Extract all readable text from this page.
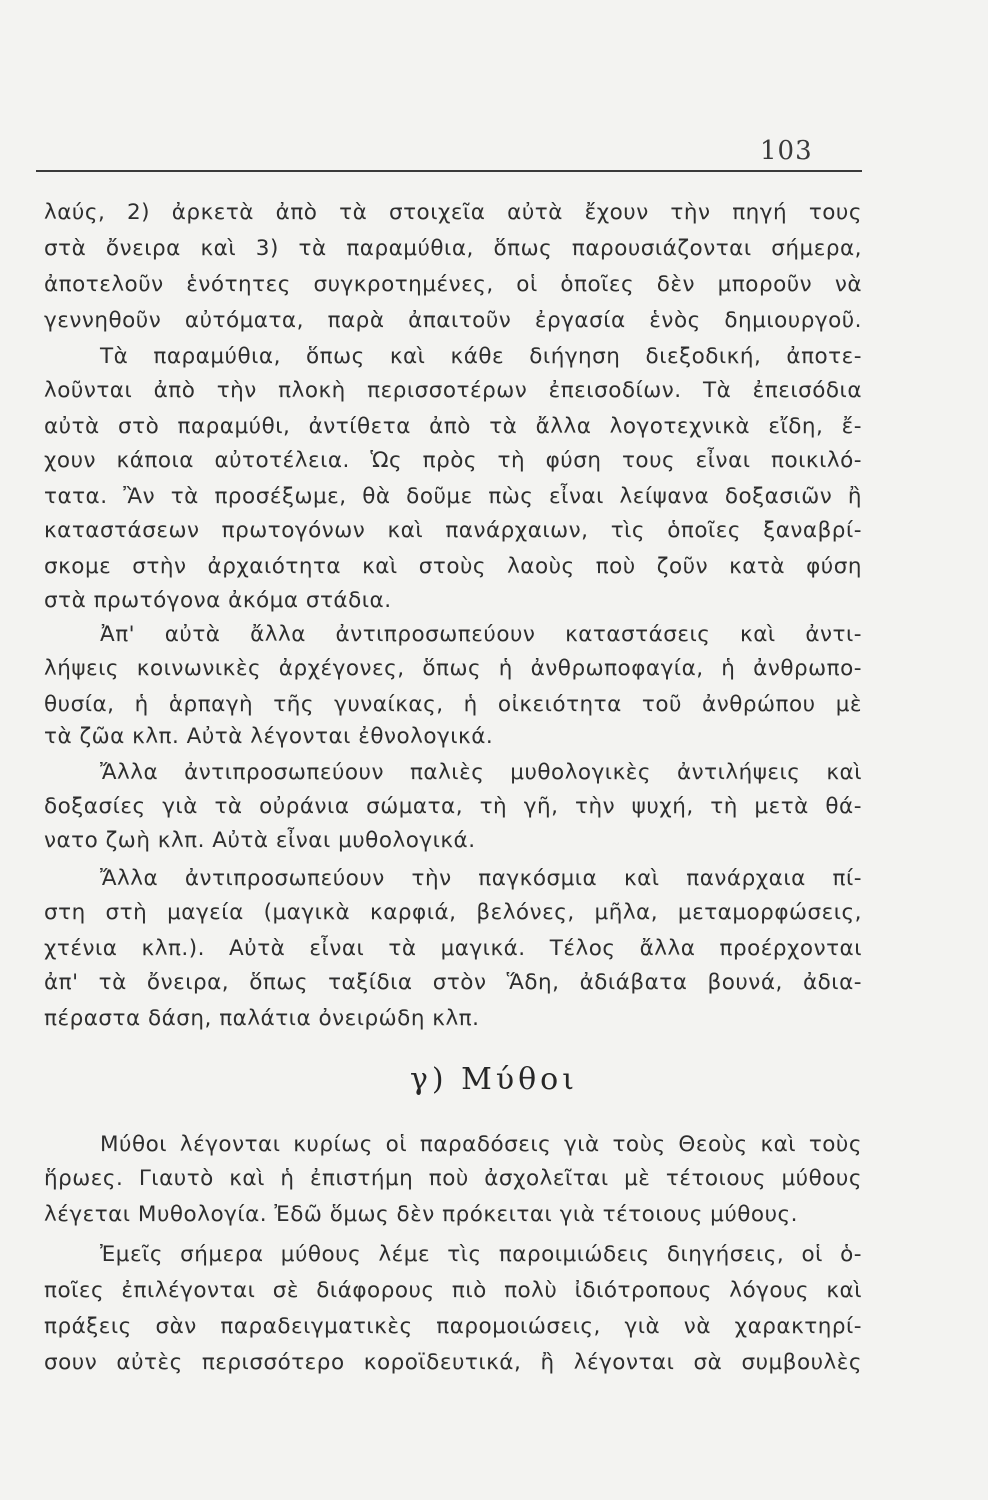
103
λαύς, 2) ἀρκετὰ ἀπὸ τὰ στοιχεῖα αὐτὰ ἔχουν τὴν πηγή τους
στὰ ὄνειρα καὶ 3) τὰ παραμύθια, ὅπως παρουσιάζονται σήμερα,
ἀποτελοῦν ἑνότητες συγκροτημένες, οἱ ὁποῖες δὲν μποροῦν νὰ
γεννηθοῦν αὐτόματα, παρὰ ἀπαιτοῦν ἐργασία ἑνὸς δημιουργοῦ.
Τὰ παραμύθια, ὅπως καὶ κάθε διήγηση διεξοδική, ἀποτε-
λοῦνται ἀπὸ τὴν πλοκὴ περισσοτέρων ἐπεισοδίων. Τὰ ἐπεισόδια
αὐτὰ στὸ παραμύθι, ἀντίθετα ἀπὸ τὰ ἄλλα λογοτεχνικὰ εἴδη, ἔ-
χουν κάποια αὐτοτέλεια. Ὡς πρὸς τὴ φύση τους εἶναι ποικιλό-
τατα. Ἂν τὰ προσέξωμε, θὰ δοῦμε πὼς εἶναι λείψανα δοξασιῶν ἢ
καταστάσεων πρωτογόνων καὶ πανάρχαιων, τὶς ὁποῖες ξαναβρί-
σκομε στὴν ἀρχαιότητα καὶ στοὺς λαοὺς ποὺ ζοῦν κατὰ φύση
στὰ πρωτόγονα ἀκόμα στάδια.
Ἀπ' αὐτὰ ἄλλα ἀντιπροσωπεύουν καταστάσεις καὶ ἀντι-
λήψεις κοινωνικὲς ἀρχέγονες, ὅπως ἡ ἀνθρωποφαγία, ἡ ἀνθρωπο-
θυσία, ἡ ἁρπαγὴ τῆς γυναίκας, ἡ οἰκειότητα τοῦ ἀνθρώπου μὲ
τὰ ζῶα κλπ. Αὐτὰ λέγονται ἐθνολογικά.
Ἄλλα ἀντιπροσωπεύουν παλιὲς μυθολογικὲς ἀντιλήψεις καὶ
δοξασίες γιὰ τὰ οὐράνια σώματα, τὴ γῆ, τὴν ψυχή, τὴ μετὰ θά-
νατο ζωὴ κλπ. Αὐτὰ εἶναι μυθολογικά.
Ἄλλα ἀντιπροσωπεύουν τὴν παγκόσμια καὶ πανάρχαια πί-
στη στὴ μαγεία (μαγικὰ καρφιά, βελόνες, μῆλα, μεταμορφώσεις,
χτένια κλπ.). Αὐτὰ εἶναι τὰ μαγικά. Τέλος ἄλλα προέρχονται
ἀπ' τὰ ὄνειρα, ὅπως ταξίδια στὸν Ἅδη, ἀδιάβατα βουνά, ἀδια-
πέραστα δάση, παλάτια ὀνειρώδη κλπ.
γ) Μύθοι
Μύθοι λέγονται κυρίως οἱ παραδόσεις γιὰ τοὺς Θεοὺς καὶ τοὺς
ἥρωες. Γιαυτὸ καὶ ἡ ἐπιστήμη ποὺ ἀσχολεῖται μὲ τέτοιους μύθους
λέγεται Μυθολογία. Ἐδῶ ὅμως δὲν πρόκειται γιὰ τέτοιους μύθους.
Ἐμεῖς σήμερα μύθους λέμε τὶς παροιμιώδεις διηγήσεις, οἱ ὁ-
ποῖες ἐπιλέγονται σὲ διάφορους πιὸ πολὺ ἰδιότροπους λόγους καὶ
πράξεις σὰν παραδειγματικὲς παρομοιώσεις, γιὰ νὰ χαρακτηρί-
σουν αὐτὲς περισσότερο κοροϊδευτικά, ἢ λέγονται σὰ συμβουλὲς
